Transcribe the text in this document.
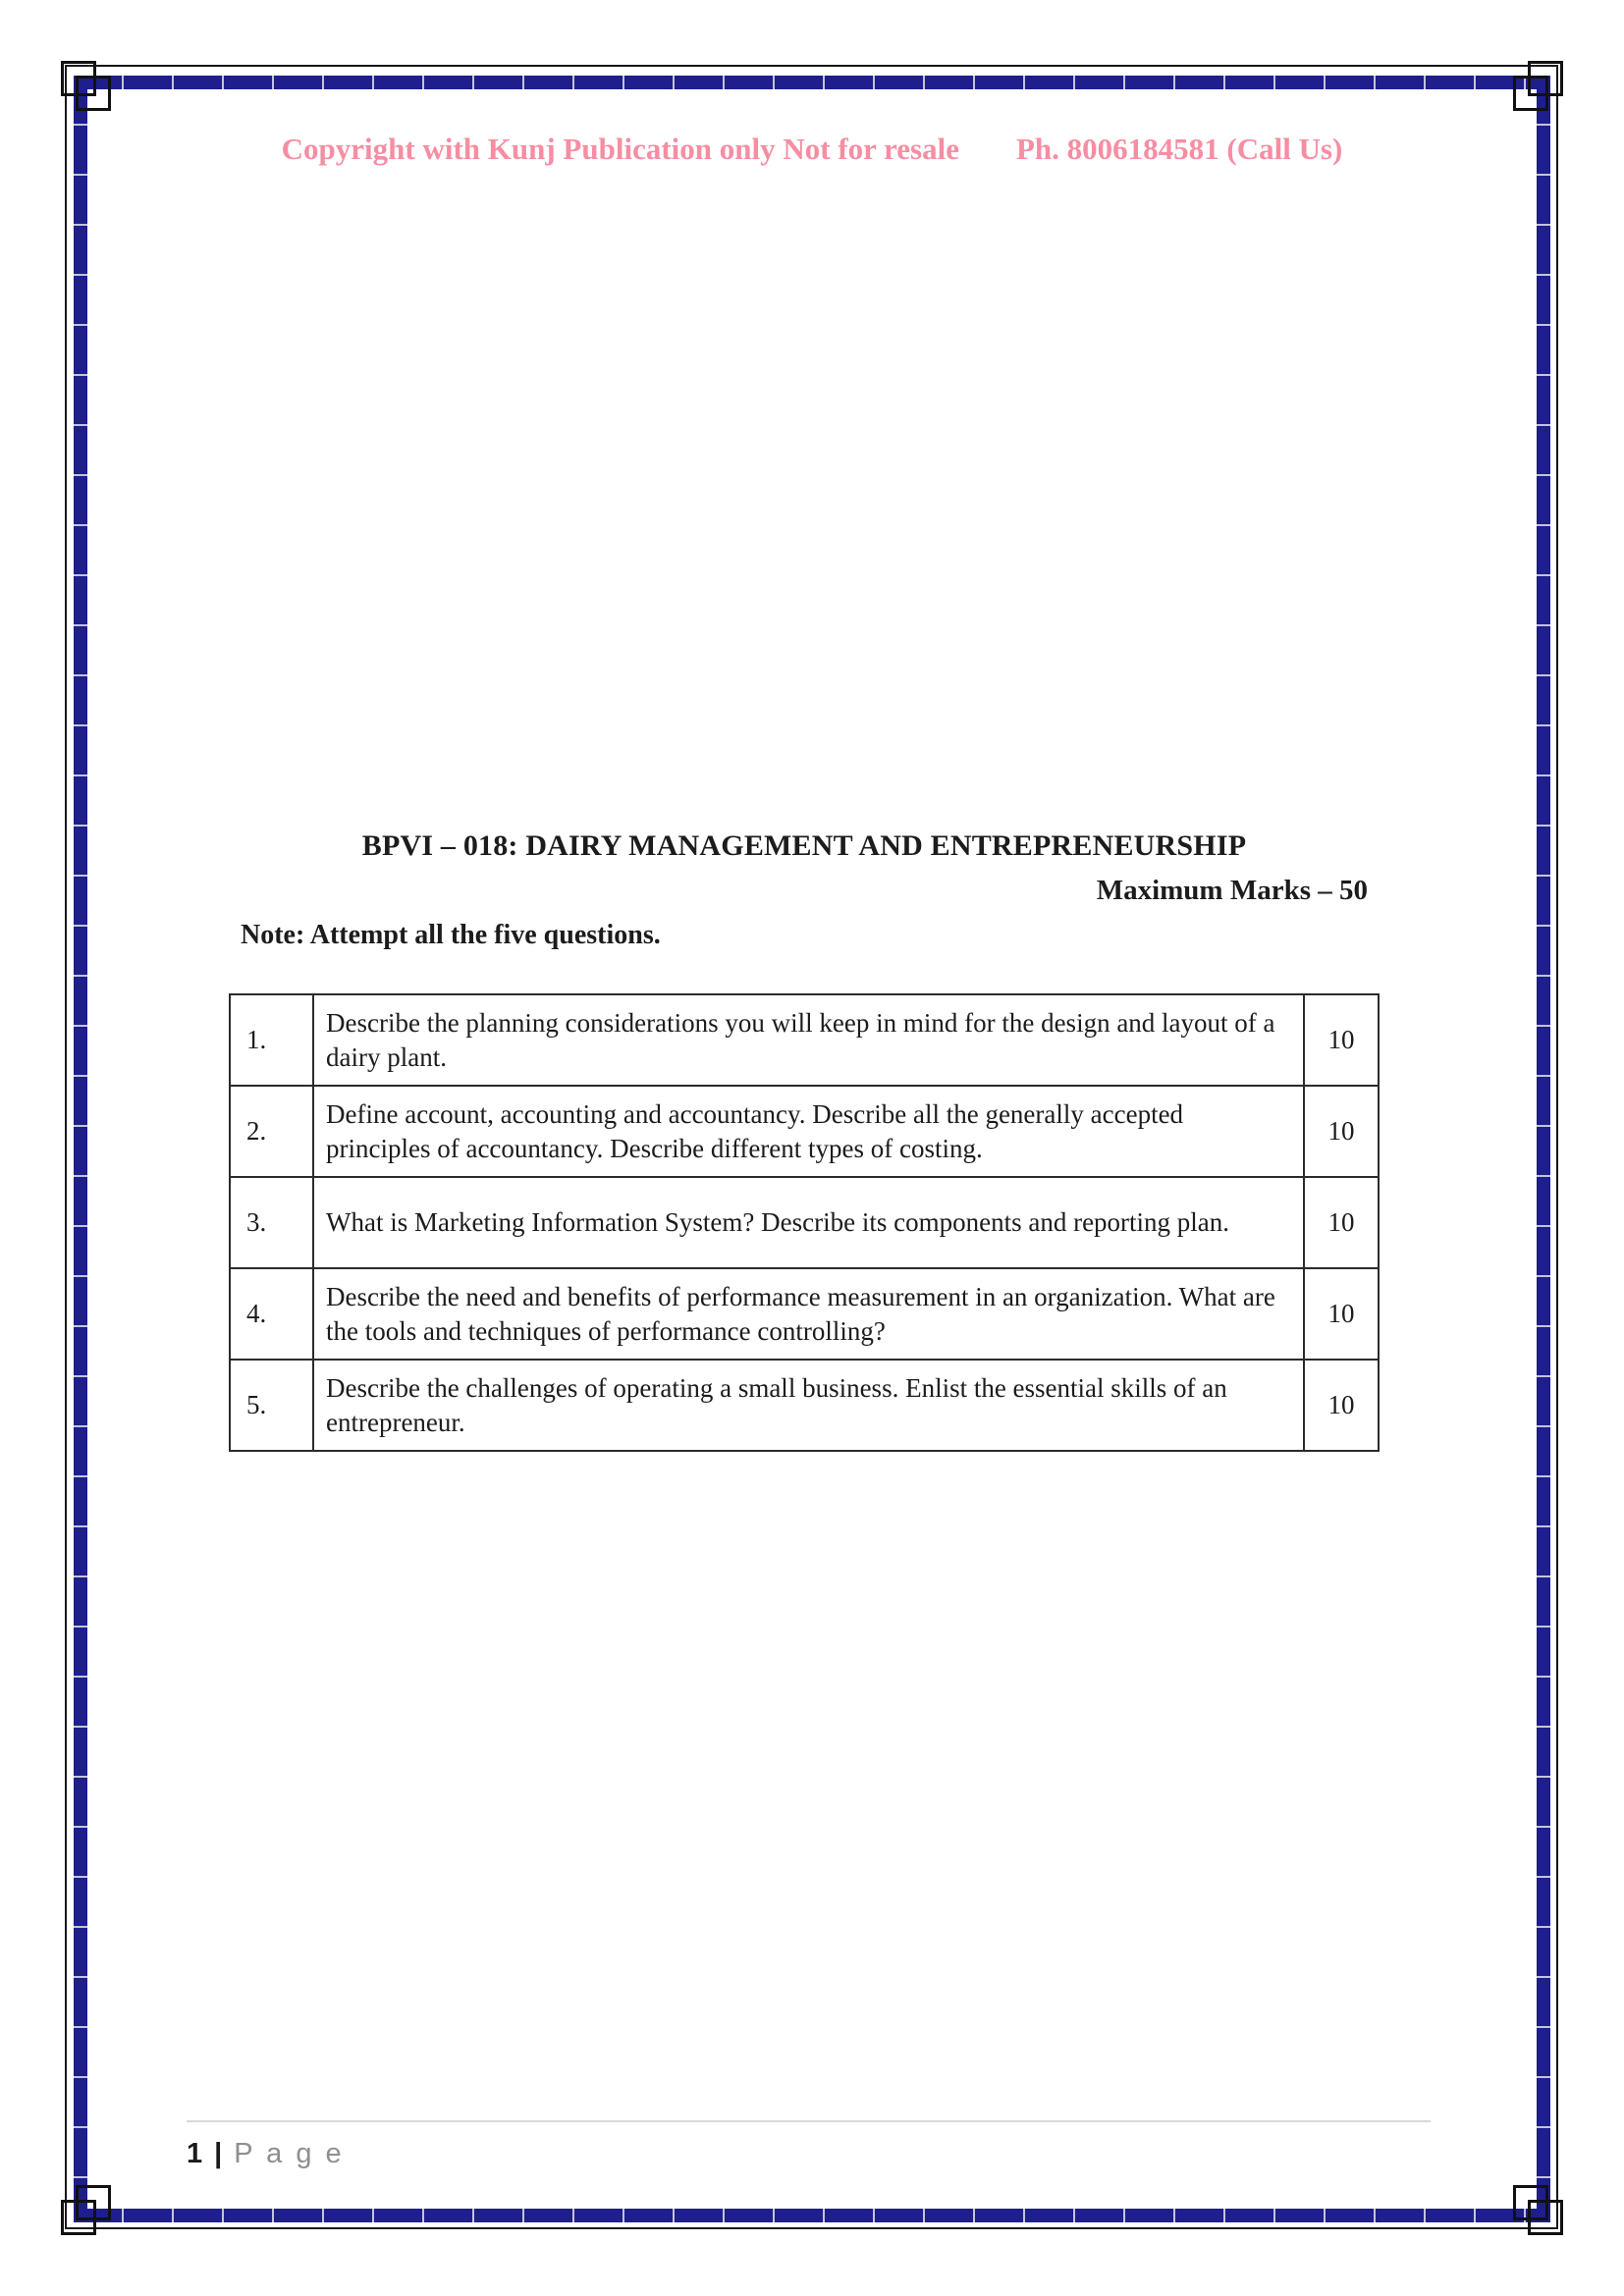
Copyright with Kunj Publication only Not for resale Ph. 8006184581 (Call Us)
BPVI – 018: DAIRY MANAGEMENT AND ENTREPRENEURSHIP
Maximum Marks – 50
Note: Attempt all the five questions.
1.	Describe the planning considerations you will keep in mind for the design and layout of a dairy plant.	10
2.	Define account, accounting and accountancy. Describe all the generally accepted principles of accountancy. Describe different types of costing.	10
3.	What is Marketing Information System? Describe its components and reporting plan.	10
4.	Describe the need and benefits of performance measurement in an organization. What are the tools and techniques of performance controlling?	10
5.	Describe the challenges of operating a small business. Enlist the essential skills of an entrepreneur.	10
1 | P a g e
